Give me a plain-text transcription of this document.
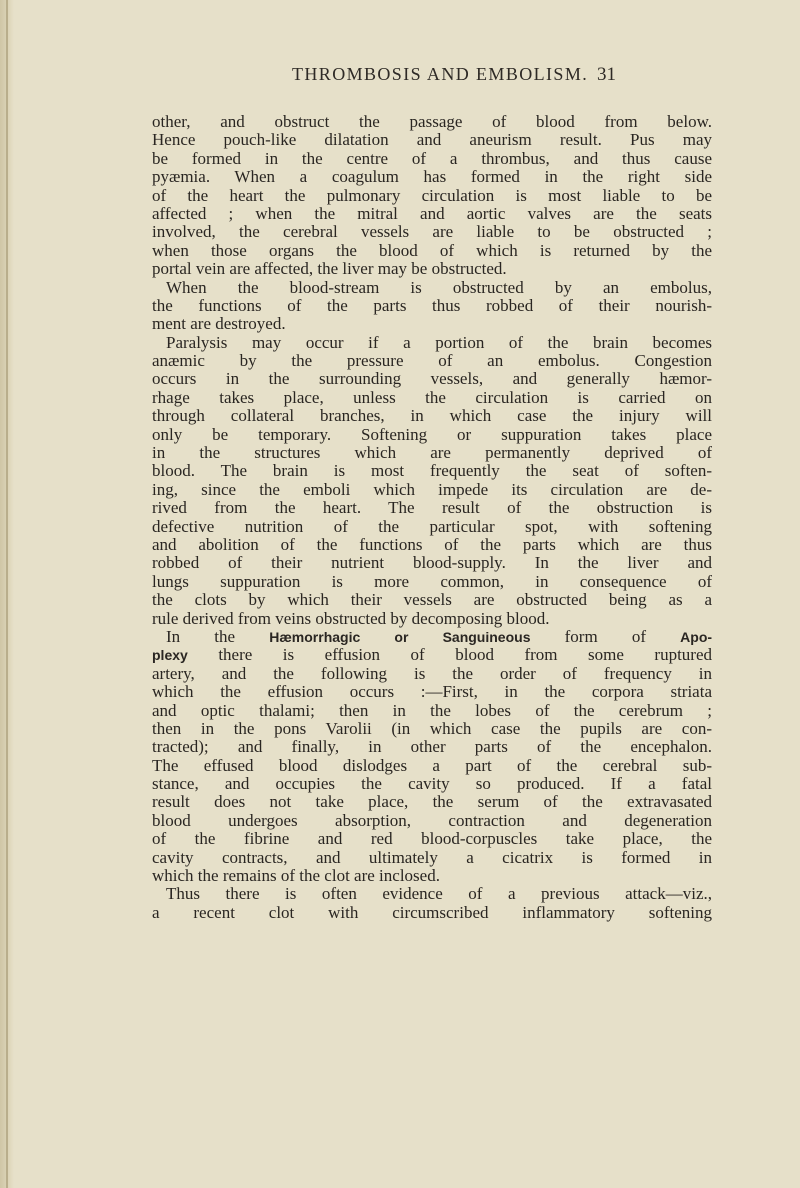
THROMBOSIS AND EMBOLISM. 31
other, and obstruct the passage of blood from below.
Hence pouch-like dilatation and aneurism result. Pus may
be formed in the centre of a thrombus, and thus cause
pyæmia. When a coagulum has formed in the right side
of the heart the pulmonary circulation is most liable to be
affected ; when the mitral and aortic valves are the seats
involved, the cerebral vessels are liable to be obstructed ;
when those organs the blood of which is returned by the
portal vein are affected, the liver may be obstructed.
When the blood-stream is obstructed by an embolus,
the functions of the parts thus robbed of their nourish-
ment are destroyed.
Paralysis may occur if a portion of the brain becomes
anæmic by the pressure of an embolus. Congestion
occurs in the surrounding vessels, and generally hæmor-
rhage takes place, unless the circulation is carried on
through collateral branches, in which case the injury will
only be temporary. Softening or suppuration takes place
in the structures which are permanently deprived of
blood. The brain is most frequently the seat of soften-
ing, since the emboli which impede its circulation are de-
rived from the heart. The result of the obstruction is
defective nutrition of the particular spot, with softening
and abolition of the functions of the parts which are thus
robbed of their nutrient blood-supply. In the liver and
lungs suppuration is more common, in consequence of
the clots by which their vessels are obstructed being as a
rule derived from veins obstructed by decomposing blood.
In the Hæmorrhagic or Sanguineous form of Apo-
plexy there is effusion of blood from some ruptured
artery, and the following is the order of frequency in
which the effusion occurs :—First, in the corpora striata
and optic thalami; then in the lobes of the cerebrum ;
then in the pons Varolii (in which case the pupils are con-
tracted); and finally, in other parts of the encephalon.
The effused blood dislodges a part of the cerebral sub-
stance, and occupies the cavity so produced. If a fatal
result does not take place, the serum of the extravasated
blood undergoes absorption, contraction and degeneration
of the fibrine and red blood-corpuscles take place, the
cavity contracts, and ultimately a cicatrix is formed in
which the remains of the clot are inclosed.
Thus there is often evidence of a previous attack—viz.,
a recent clot with circumscribed inflammatory softening
